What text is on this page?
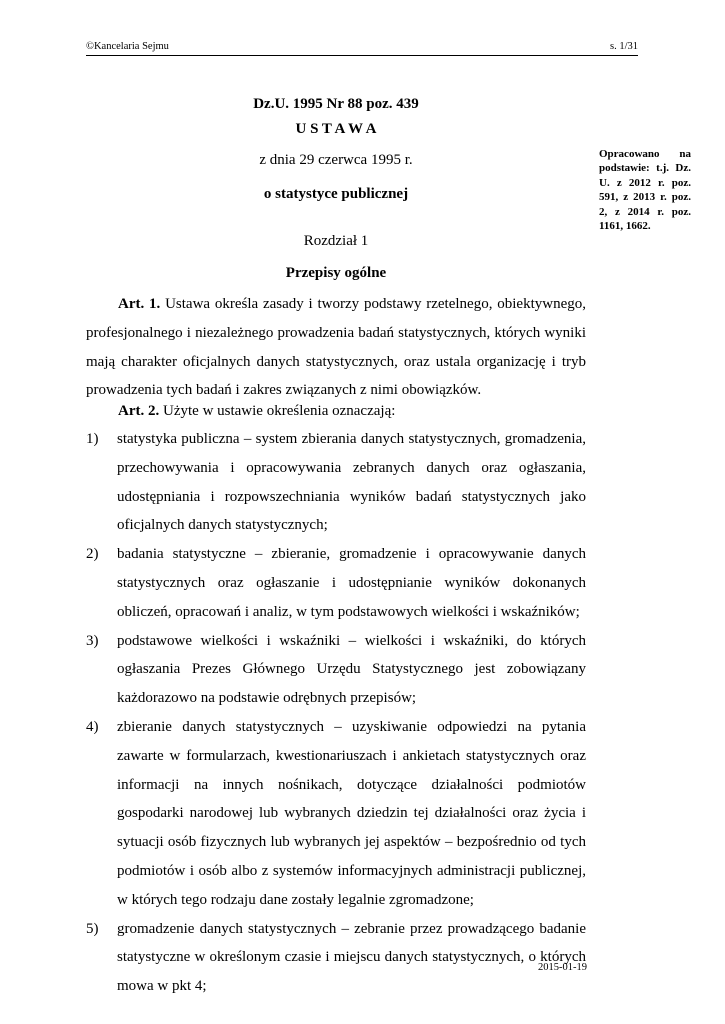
©Kancelaria Sejmu	s. 1/31
Dz.U. 1995 Nr 88 poz. 439
U S T A W A
z dnia 29 czerwca 1995 r.
o statystyce publicznej
Rozdział 1
Przepisy ogólne
Opracowano na podstawie: t.j. Dz. U. z 2012 r. poz. 591, z 2013 r. poz. 2, z 2014 r. poz. 1161, 1662.
Art. 1. Ustawa określa zasady i tworzy podstawy rzetelnego, obiektywnego, profesjonalnego i niezależnego prowadzenia badań statystycznych, których wyniki mają charakter oficjalnych danych statystycznych, oraz ustala organizację i tryb prowadzenia tych badań i zakres związanych z nimi obowiązków.
Art. 2. Użyte w ustawie określenia oznaczają:
1) statystyka publiczna – system zbierania danych statystycznych, gromadzenia, przechowywania i opracowywania zebranych danych oraz ogłaszania, udostępniania i rozpowszechniania wyników badań statystycznych jako oficjalnych danych statystycznych;
2) badania statystyczne – zbieranie, gromadzenie i opracowywanie danych statystycznych oraz ogłaszanie i udostępnianie wyników dokonanych obliczeń, opracowań i analiz, w tym podstawowych wielkości i wskaźników;
3) podstawowe wielkości i wskaźniki – wielkości i wskaźniki, do których ogłaszania Prezes Głównego Urzędu Statystycznego jest zobowiązany każdorazowo na podstawie odrębnych przepisów;
4) zbieranie danych statystycznych – uzyskiwanie odpowiedzi na pytania zawarte w formularzach, kwestionariuszach i ankietach statystycznych oraz informacji na innych nośnikach, dotyczące działalności podmiotów gospodarki narodowej lub wybranych dziedzin tej działalności oraz życia i sytuacji osób fizycznych lub wybranych jej aspektów – bezpośrednio od tych podmiotów i osób albo z systemów informacyjnych administracji publicznej, w których tego rodzaju dane zostały legalnie zgromadzone;
5) gromadzenie danych statystycznych – zebranie przez prowadzącego badanie statystyczne w określonym czasie i miejscu danych statystycznych, o których mowa w pkt 4;
2015-01-19
